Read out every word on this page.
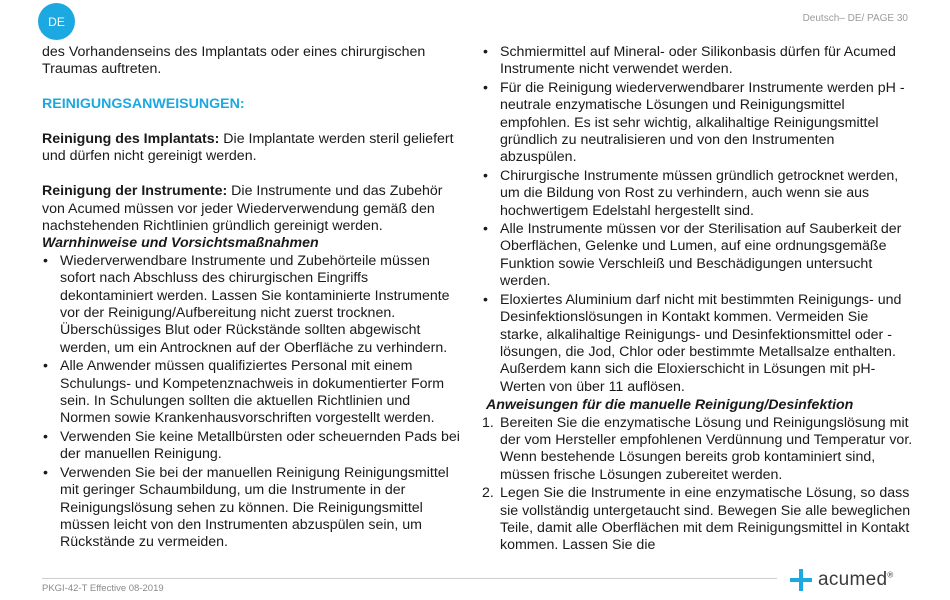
DE	Deutsch– DE/ PAGE 30

des Vorhandenseins des Implantats oder eines chirurgischen Traumas auftreten.

REINIGUNGSANWEISUNGEN:

Reinigung des Implantats: Die Implantate werden steril geliefert und dürfen nicht gereinigt werden.

Reinigung der Instrumente: Die Instrumente und das Zubehör von Acumed müssen vor jeder Wiederverwendung gemäß den nachstehenden Richtlinien gründlich gereinigt werden.

Warnhinweise und Vorsichtsmaßnahmen

• Wiederverwendbare Instrumente und Zubehörteile müssen sofort nach Abschluss des chirurgischen Eingriffs dekontaminiert werden. Lassen Sie kontaminierte Instrumente vor der Reinigung/Aufbereitung nicht zuerst trocknen. Überschüssiges Blut oder Rückstände sollten abgewischt werden, um ein Antrocknen auf der Oberfläche zu verhindern.
• Alle Anwender müssen qualifiziertes Personal mit einem Schulungs- und Kompetenznachweis in dokumentierter Form sein. In Schulungen sollten die aktuellen Richtlinien und Normen sowie Krankenhausvorschriften vorgestellt werden.
• Verwenden Sie keine Metallbürsten oder scheuernden Pads bei der manuellen Reinigung.
• Verwenden Sie bei der manuellen Reinigung Reinigungsmittel mit geringer Schaumbildung, um die Instrumente in der Reinigungslösung sehen zu können. Die Reinigungsmittel müssen leicht von den Instrumenten abzuspülen sein, um Rückstände zu vermeiden.
• Schmiermittel auf Mineral- oder Silikonbasis dürfen für Acumed Instrumente nicht verwendet werden.
• Für die Reinigung wiederverwendbarer Instrumente werden pH -neutrale enzymatische Lösungen und Reinigungsmittel empfohlen. Es ist sehr wichtig, alkalihaltige Reinigungsmittel gründlich zu neutralisieren und von den Instrumenten abzuspülen.
• Chirurgische Instrumente müssen gründlich getrocknet werden, um die Bildung von Rost zu verhindern, auch wenn sie aus hochwertigem Edelstahl hergestellt sind.
• Alle Instrumente müssen vor der Sterilisation auf Sauberkeit der Oberflächen, Gelenke und Lumen, auf eine ordnungsgemäße Funktion sowie Verschleiß und Beschädigungen untersucht werden.
• Eloxiertes Aluminium darf nicht mit bestimmten Reinigungs- und Desinfektionslösungen in Kontakt kommen. Vermeiden Sie starke, alkalihaltige Reinigungs- und Desinfektionsmittel oder -lösungen, die Jod, Chlor oder bestimmte Metallsalze enthalten. Außerdem kann sich die Eloxierschicht in Lösungen mit pH-Werten von über 11 auflösen.

Anweisungen für die manuelle Reinigung/Desinfektion

1. Bereiten Sie die enzymatische Lösung und Reinigungslösung mit der vom Hersteller empfohlenen Verdünnung und Temperatur vor. Wenn bestehende Lösungen bereits grob kontaminiert sind, müssen frische Lösungen zubereitet werden.
2. Legen Sie die Instrumente in eine enzymatische Lösung, so dass sie vollständig untergetaucht sind. Bewegen Sie alle beweglichen Teile, damit alle Oberflächen mit dem Reinigungsmittel in Kontakt kommen. Lassen Sie die
PKGI-42-T Effective 08-2019	acumed®
